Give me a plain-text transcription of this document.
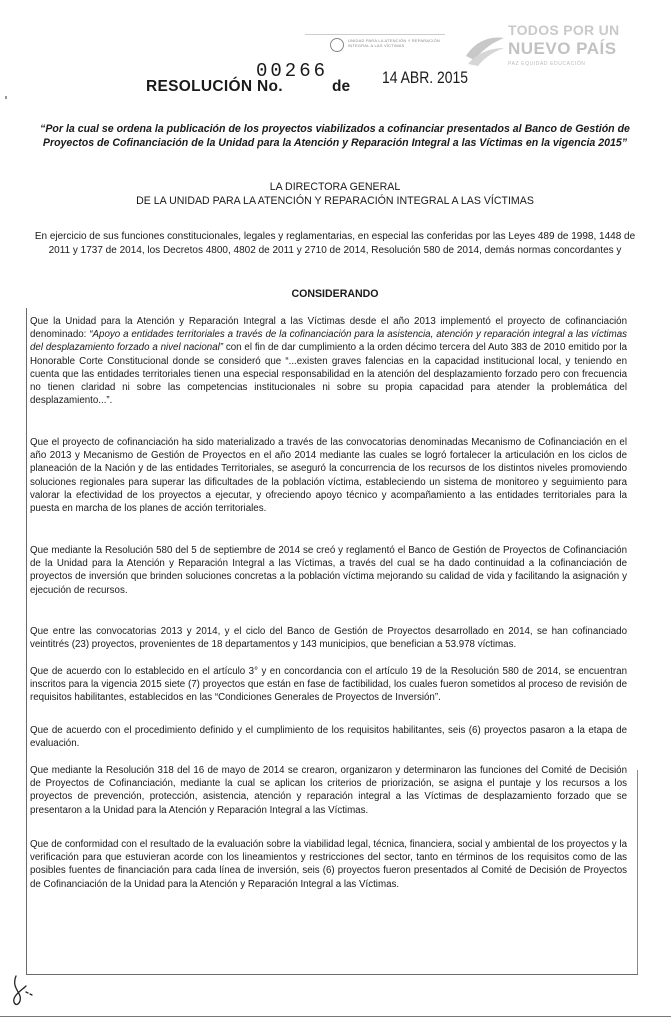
UNIDAD PARA LA ATENCIÓN Y REPARACIÓN INTEGRAL A LAS VÍCTIMAS
TODOS POR UN
NUEVO PAÍS
PAZ EQUIDAD EDUCACIÓN
RESOLUCIÓN No.
00266
de 14 ABR. 2015
“Por la cual se ordena la publicación de los proyectos viabilizados a cofinanciar presentados al Banco de Gestión de Proyectos de Cofinanciación de la Unidad para la Atención y Reparación Integral a las Víctimas en la vigencia 2015”
LA DIRECTORA GENERAL
DE LA UNIDAD PARA LA ATENCIÓN Y REPARACIÓN INTEGRAL A LAS VÍCTIMAS
En ejercicio de sus funciones constitucionales, legales y reglamentarias, en especial las conferidas por las Leyes 489 de 1998, 1448 de 2011 y 1737 de 2014, los Decretos 4800, 4802 de 2011 y 2710 de 2014, Resolución 580 de 2014, demás normas concordantes y
CONSIDERANDO
Que la Unidad para la Atención y Reparación Integral a las Víctimas desde el año 2013 implementó el proyecto de cofinanciación denominado: “Apoyo a entidades territoriales a través de la cofinanciación para la asistencia, atención y reparación integral a las víctimas del desplazamiento forzado a nivel nacional” con el fin de dar cumplimiento a la orden décimo tercera del Auto 383 de 2010 emitido por la Honorable Corte Constitucional donde se consideró que “...existen graves falencias en la capacidad institucional local, y teniendo en cuenta que las entidades territoriales tienen una especial responsabilidad en la atención del desplazamiento forzado pero con frecuencia no tienen claridad ni sobre las competencias institucionales ni sobre su propia capacidad para atender la problemática del desplazamiento...”.
Que el proyecto de cofinanciación ha sido materializado a través de las convocatorias denominadas Mecanismo de Cofinanciación en el año 2013 y Mecanismo de Gestión de Proyectos en el año 2014 mediante las cuales se logró fortalecer la articulación en los ciclos de planeación de la Nación y de las entidades Territoriales, se aseguró la concurrencia de los recursos de los distintos niveles promoviendo soluciones regionales para superar las dificultades de la población víctima, estableciendo un sistema de monitoreo y seguimiento para valorar la efectividad de los proyectos a ejecutar, y ofreciendo apoyo técnico y acompañamiento a las entidades territoriales para la puesta en marcha de los planes de acción territoriales.
Que mediante la Resolución 580 del 5 de septiembre de 2014 se creó y reglamentó el Banco de Gestión de Proyectos de Cofinanciación de la Unidad para la Atención y Reparación Integral a las Víctimas, a través del cual se ha dado continuidad a la cofinanciación de proyectos de inversión que brinden soluciones concretas a la población víctima mejorando su calidad de vida y facilitando la asignación y ejecución de recursos.
Que entre las convocatorias 2013 y 2014, y el ciclo del Banco de Gestión de Proyectos desarrollado en 2014, se han cofinanciado veintitrés (23) proyectos, provenientes de 18 departamentos y 143 municipios, que benefician a 53.978 víctimas.
Que de acuerdo con lo establecido en el artículo 3° y en concordancia con el artículo 19 de la Resolución 580 de 2014, se encuentran inscritos para la vigencia 2015 siete (7) proyectos que están en fase de factibilidad, los cuales fueron sometidos al proceso de revisión de requisitos habilitantes, establecidos en las “Condiciones Generales de Proyectos de Inversión”.
Que de acuerdo con el procedimiento definido y el cumplimiento de los requisitos habilitantes, seis (6) proyectos pasaron a la etapa de evaluación.
Que mediante la Resolución 318 del 16 de mayo de 2014 se crearon, organizaron y determinaron las funciones del Comité de Decisión de Proyectos de Cofinanciación, mediante la cual se aplican los criterios de priorización, se asigna el puntaje y los recursos a los proyectos de prevención, protección, asistencia, atención y reparación integral a las Víctimas de desplazamiento forzado que se presentaron a la Unidad para la Atención y Reparación Integral a las Víctimas.
Que de conformidad con el resultado de la evaluación sobre la viabilidad legal, técnica, financiera, social y ambiental de los proyectos y la verificación para que estuvieran acorde con los lineamientos y restricciones del sector, tanto en términos de los requisitos como de las posibles fuentes de financiación para cada línea de inversión, seis (6) proyectos fueron presentados al Comité de Decisión de Proyectos de Cofinanciación de la Unidad para la Atención y Reparación Integral a las Víctimas.
